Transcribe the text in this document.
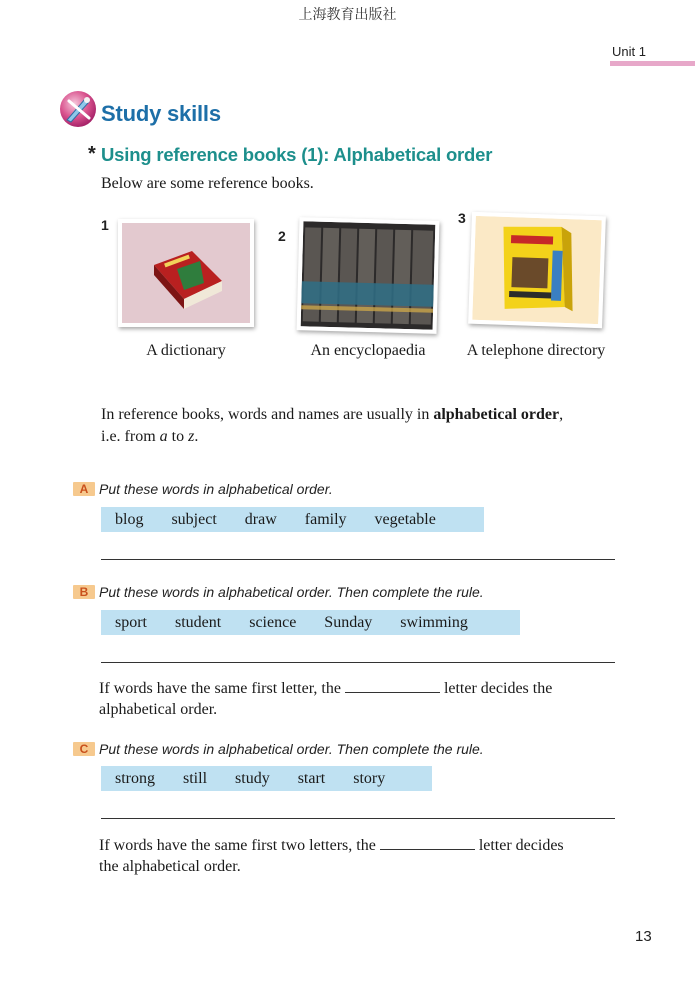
上海教育出版社
Unit 1
Study skills
* Using reference books (1): Alphabetical order
Below are some reference books.
1
A dictionary
2
An encyclopaedia
3
A telephone directory
In reference books, words and names are usually in alphabetical order,
i.e. from a to z.
A Put these words in alphabetical order.
blog	subject	draw	family	vegetable
B Put these words in alphabetical order. Then complete the rule.
sport	student	science	Sunday	swimming
If words have the same first letter, the	letter decides the
alphabetical order.
C Put these words in alphabetical order. Then complete the rule.
strong	still	study	start	story
If words have the same first two letters, the	letter decides
the alphabetical order.
13
